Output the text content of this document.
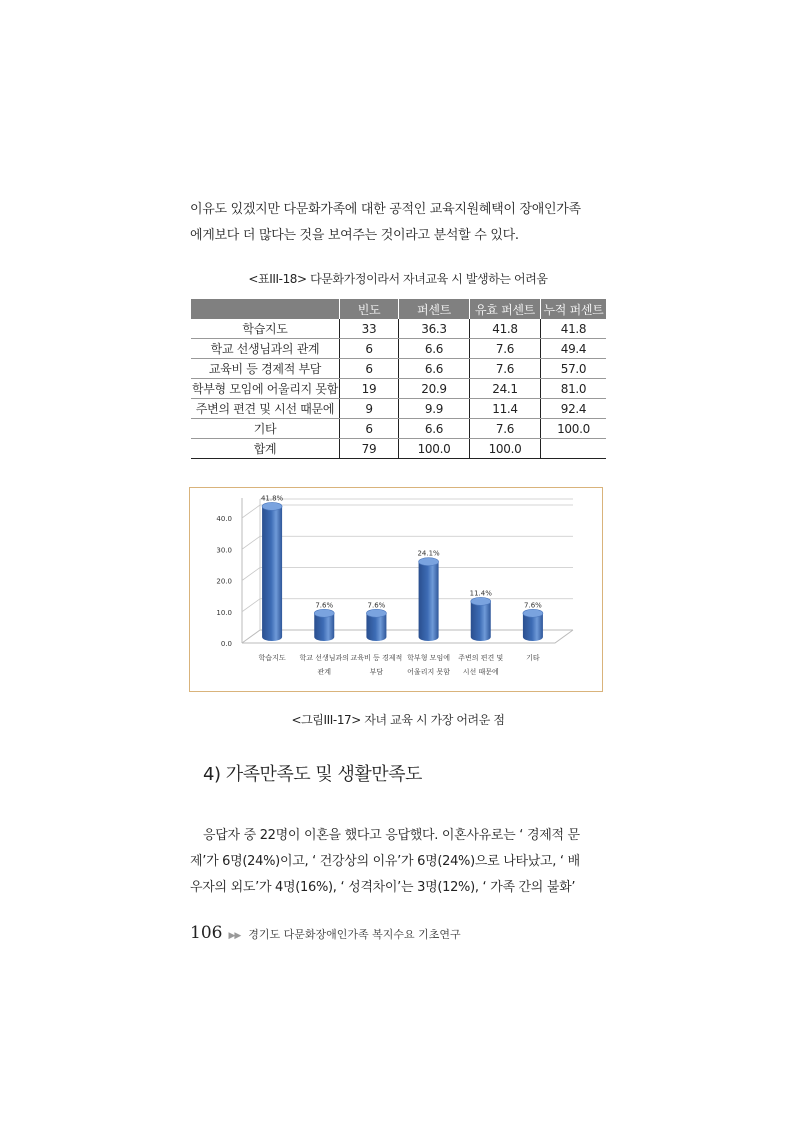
이유도 있겠지만 다문화가족에 대한 공적인 교육지원혜택이 장애인가족

에게보다 더 많다는 것을 보여주는 것이라고 분석할 수 있다.

<표III-18> 다문화가정이라서 자녀교육 시 발생하는 어려움
	빈도	퍼센트	유효 퍼센트	누적 퍼센트
학습지도	33	36.3	41.8	41.8
학교 선생님과의 관계	6	6.6	7.6	49.4
교육비 등 경제적 부담	6	6.6	7.6	57.0
학부형 모임에 어울리지 못함	19	20.9	24.1	81.0
주변의 편견 및 시선 때문에	9	9.9	11.4	92.4
기타	6	6.6	7.6	100.0
합계	79	100.0	100.0	
0.0
10.0
20.0
30.0
40.0
41.8%
학습지도
7.6%
학교 선생님과의
관계
7.6%
교육비 등 경제적
부담
24.1%
학부형 모임에
어울리지 못함
11.4%
주변의 편견 및
시선 때문에
7.6%
기타
<그림III-17> 자녀 교육 시 가장 어려운 점
4) 가족만족도 및 생활만족도

응답자 중 22명이 이혼을 했다고 응답했다. 이혼사유로는 ‘ 경제적 문

제’가 6명(24%)이고, ‘ 건강상의 이유’가 6명(24%)으로 나타났고, ‘ 배

우자의 외도’가 4명(16%), ‘ 성격차이’는 3명(12%), ‘ 가족 간의 불화’

106 ▶▶ 경기도 다문화장애인가족 복지수요 기초연구
